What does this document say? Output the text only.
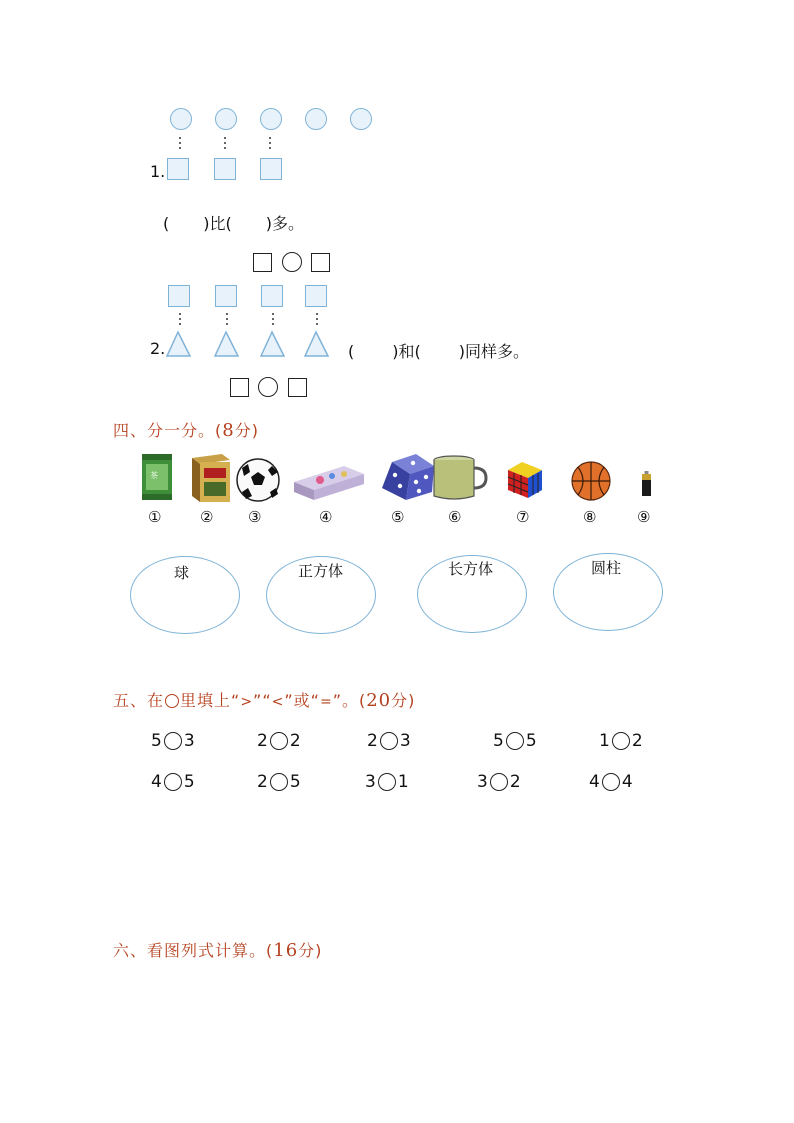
1.
( )比( )多。
2.	( )和( )同样多。
四、分一分。(8分)
茶
①	② ③	④	⑤	⑥	⑦	⑧	⑨
球	正方体	长方体	圆柱
五、在 里填上“>”“<”或“=”。(20分)
5 3	2 2	2 3	5 5	1 2
4 5	2 5	3 1	3 2	4 4
六、看图列式计算。(16分)
